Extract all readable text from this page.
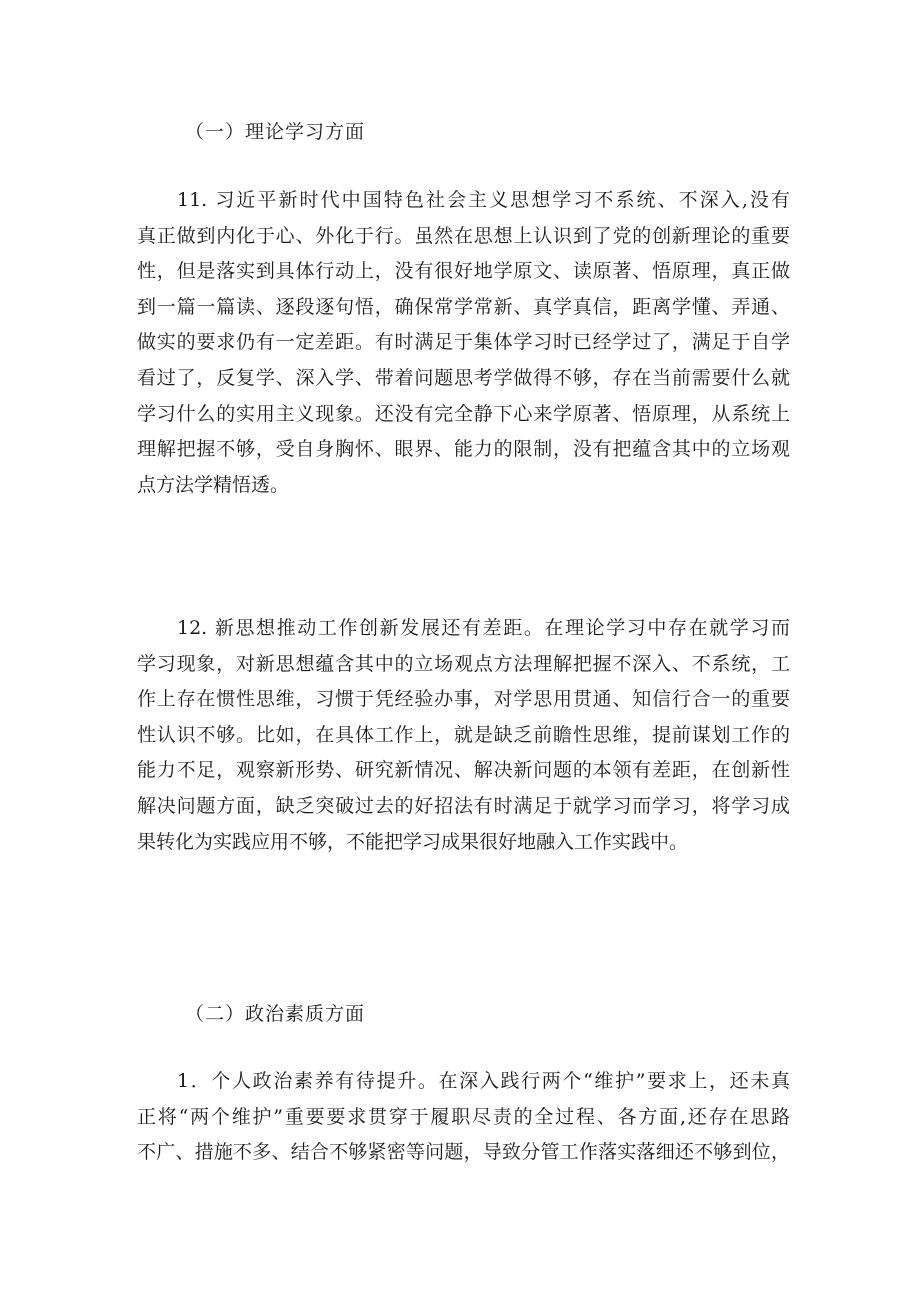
（一）理论学习方面
11. 习近平新时代中国特色社会主义思想学习不系统、不深入,没有
真正做到内化于心、外化于行。虽然在思想上认识到了党的创新理论的重要
性，但是落实到具体行动上，没有很好地学原文、读原著、悟原理，真正做
到一篇一篇读、逐段逐句悟，确保常学常新、真学真信，距离学懂、弄通、
做实的要求仍有一定差距。有时满足于集体学习时已经学过了，满足于自学
看过了，反复学、深入学、带着问题思考学做得不够，存在当前需要什么就
学习什么的实用主义现象。还没有完全静下心来学原著、悟原理，从系统上
理解把握不够，受自身胸怀、眼界、能力的限制，没有把蕴含其中的立场观
点方法学精悟透。
12. 新思想推动工作创新发展还有差距。在理论学习中存在就学习而
学习现象，对新思想蕴含其中的立场观点方法理解把握不深入、不系统，工
作上存在惯性思维，习惯于凭经验办事，对学思用贯通、知信行合一的重要
性认识不够。比如，在具体工作上，就是缺乏前瞻性思维，提前谋划工作的
能力不足，观察新形势、研究新情况、解决新问题的本领有差距，在创新性
解决问题方面，缺乏突破过去的好招法有时满足于就学习而学习，将学习成
果转化为实践应用不够，不能把学习成果很好地融入工作实践中。
（二）政治素质方面
1．个人政治素养有待提升。在深入践行两个“维护”要求上，还未真
正将“两个维护”重要要求贯穿于履职尽责的全过程、各方面,还存在思路
不广、措施不多、结合不够紧密等问题，导致分管工作落实落细还不够到位，
